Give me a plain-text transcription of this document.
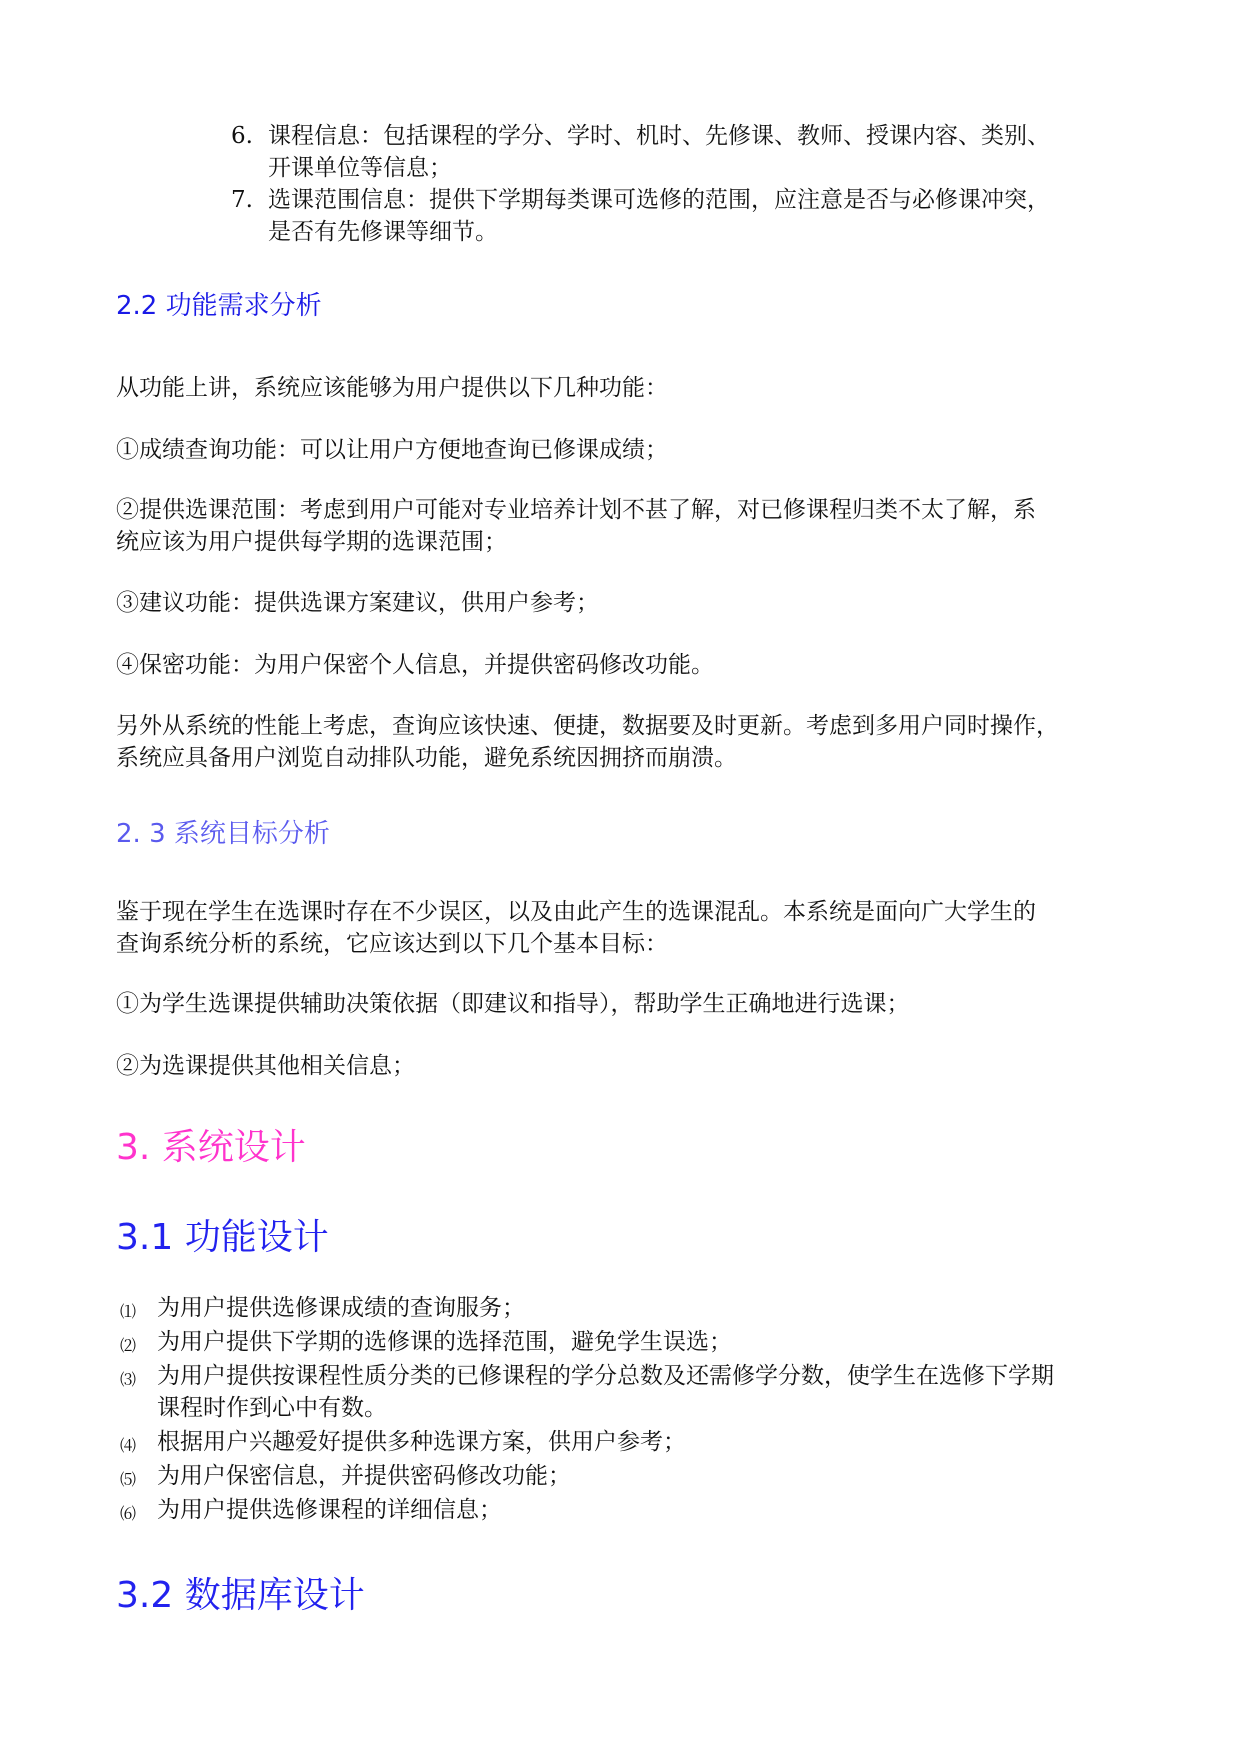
6. 课程信息：包括课程的学分、学时、机时、先修课、教师、授课内容、类别、
开课单位等信息；
7. 选课范围信息：提供下学期每类课可选修的范围，应注意是否与必修课冲突，
是否有先修课等细节。
2.2 功能需求分析
从功能上讲，系统应该能够为用户提供以下几种功能：
①成绩查询功能：可以让用户方便地查询已修课成绩；
②提供选课范围：考虑到用户可能对专业培养计划不甚了解，对已修课程归类不太了解，系
统应该为用户提供每学期的选课范围；
③建议功能：提供选课方案建议，供用户参考；
④保密功能：为用户保密个人信息，并提供密码修改功能。
另外从系统的性能上考虑，查询应该快速、便捷，数据要及时更新。考虑到多用户同时操作，
系统应具备用户浏览自动排队功能，避免系统因拥挤而崩溃。
2. 3 系统目标分析
鉴于现在学生在选课时存在不少误区，以及由此产生的选课混乱。本系统是面向广大学生的
查询系统分析的系统，它应该达到以下几个基本目标：
①为学生选课提供辅助决策依据（即建议和指导），帮助学生正确地进行选课；
②为选课提供其他相关信息；
3. 系统设计
3.1 功能设计
⑴ 为用户提供选修课成绩的查询服务；
⑵ 为用户提供下学期的选修课的选择范围，避免学生误选；
⑶ 为用户提供按课程性质分类的已修课程的学分总数及还需修学分数，使学生在选修下学期
课程时作到心中有数。
⑷ 根据用户兴趣爱好提供多种选课方案，供用户参考；
⑸ 为用户保密信息，并提供密码修改功能；
⑹ 为用户提供选修课程的详细信息；
3.2 数据库设计
